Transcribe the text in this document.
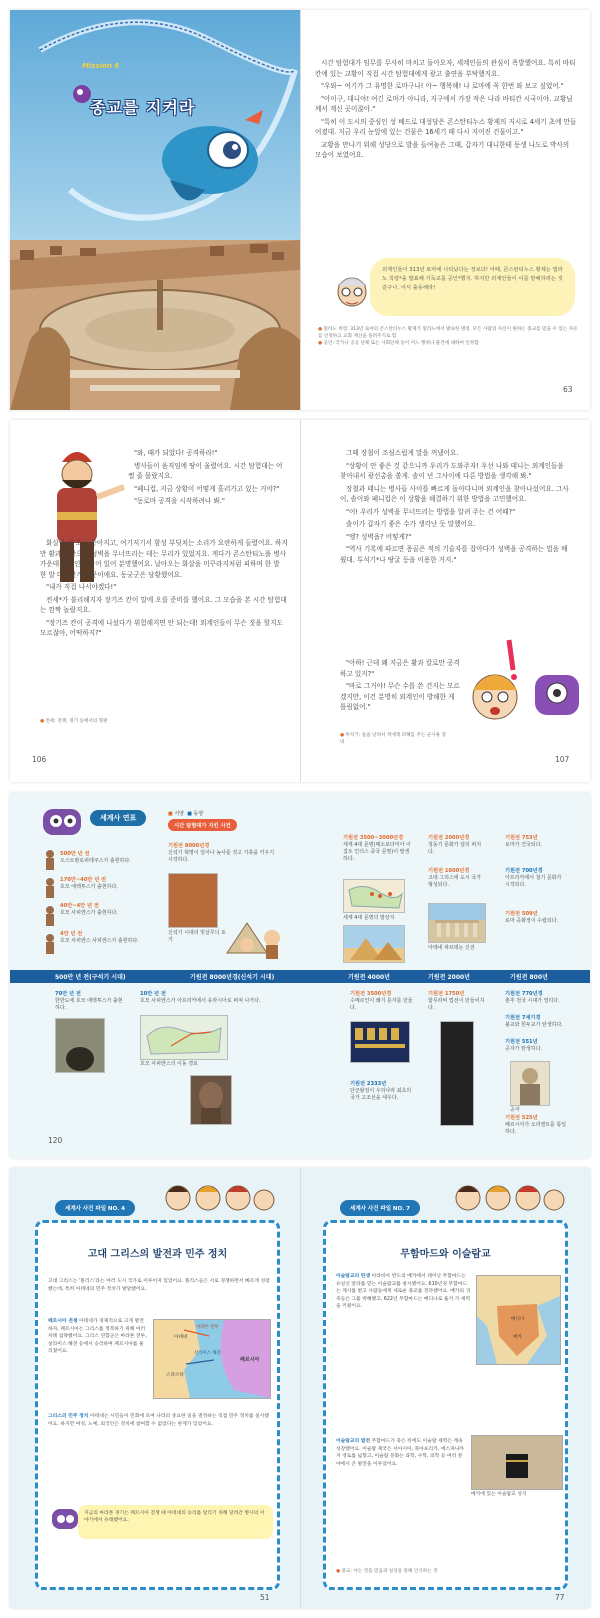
Mission 6
종교를 지켜라

시간 탐험대가 임무를 무사히 마치고 돌아오자, 세계인들의 관심이 폭발했어요. 특히 바티칸에 있는 교황이 직접 시간 탐험대에게 광고 출연을 부탁했지요.

"우와~ 여기가 그 유명한 로마구나! 아~ 행복해! 나 로마에 꼭 한번 와 보고 싶었어."

"아이구, 대니야! 여긴 로마가 아니라, 지구에서 가장 작은 나라 바티칸 시국이야. 교황님께서 계신 곳이잖아."

"특히 이 도시의 중심인 성 베드로 대성당은 콘스탄티누스 황제의 지시로 4세기 초에 만들어졌대. 지금 우리 눈앞에 있는 건물은 16세기 때 다시 지어진 건물이고."

교황을 만나기 위해 성당으로 발을 들여놓은 그때, 갑자기 대니한테 동생 나도로 박사의 모습이 보였어요.

외계인들이 313년 로마에 나타났다는 정보다! 어때, 콘스탄티누스 황제는 밀라노 칙령*을 발표해 기독교를 공인*했지. 하지만 외계인들이 이를 방해하려는 것 같구나. 어서 출동해라!
● 밀라노 칙령: 313년 로마의 콘스탄티누스 황제가 밀라노에서 발표한 명령. 모든 사람의 자신이 원하는 종교를 믿을 수 있는 자유를 인정하고 교회 재산을 돌려주기로 함
● 공인: 국가나 공공 단체 또는 사회단체 등이 어느 행위나 물건에 대하여 인정함
63

"와, 때가 되었다! 공격하라!"

병사들이 움직임에 땅이 울렸어요. 시간 탐험대는 어쩔 줄 몰랐지요.

"페니컵, 지금 상황이 어떻게 흘러가고 있는 거야?"

"동로마 공격을 시작하려나 봐."

화살이 비 오듯 쏟아지고, 여기저기서 함성 부딪치는 소리가 요란하게 들렸어요. 하지만 활과 칼만으로 성벽을 무너뜨리는 데는 무리가 있었지요. 게다가 콘스탄티노플 병사 가운데 외계인이 끼어 있어 분명했어요. 날아오는 화살을 미꾸라지처럼 피하며 한 발 한 발 다가왔기 때문이에요. 동궁군은 당황했어요.

"내가 직접 나서야겠다!"

전세*가 불리해지자 장기즈 칸이 말에 오를 준비를 했어요. 그 모습을 본 시간 탐험대는 깜짝 놀랐지요.

"장기즈 칸이 공격에 나섰다가 위험해지면 안 되는데! 외계인들이 무슨 짓을 할지도 모르잖아, 어떡하지?"

● 전세: 전쟁, 경기 등에서의 형편

그때 장철이 조심스럽게 말을 꺼냈어요.

"상황이 안 좋은 것 같으니까 우리가 도와주자! 우선 나와 태니는 외계인들을 찾아내서 광선총을 쏠게. 솔이 넌 그사이에 다른 방법을 생각해 봐."

장철과 태니는 병사들 사이를 빠르게 돌아다니며 외계인을 찾아나섰어요. 그사이, 솔이와 페니컵은 이 상황을 해결하기 위한 방법을 고민했어요.

"어! 우리가 성벽을 무너뜨리는 방법을 알려 주는 건 어때?"

솔이가 갑자기 좋은 수가 생각난 듯 말했어요.

"엥? 성벽을? 어떻게?"

"역사 기록에 따르면 몽골은 적의 기술자를 잡아다가 성벽을 공격하는 법을 배웠대. 투석기*나 땅굴 등을 이용한 거지."

"아하! 근데 왜 지금은 활과 칼로만 공격하고 있지?"

"바로 그거야! 무슨 수를 쓴 건지는 모르겠지만, 이건 분명히 외계인이 방해한 게 틀림없어."

● 투석기: 돌을 날려서 적에게 피해를 주는 군사용 장비
106	107
세계사 연표	■ 서양 ■ 동양
시간 탐험대가 지킨 사건
500만 년 전
오스트랄로피테쿠스가 출현하다.
170만~40만 년 전
호모 에렉투스가 출현하다.
40만~4만 년 전
호모 사피엔스가 출현하다.
4만 년 전
호모 사피엔스 사피엔스가 출현하다.
기원전 8000년경
신석기 혁명이 일어나 농사를 짓고 가축을 키우기 시작하다.
신석기 시대의 빗살무늬 토기
기원전 3500~3000년경
세계 4대 문명(메소포타미아 이집트 인더스 중국 문명)이 발생하다.
세계 4대 문명의 발상지
기원전 2000년경
청동기 문화가 널리 퍼지다.
기원전 1600년경
고대 그리스에 도시 국가 형성되다.
아테네 파르테논 신전
기원전 753년
로마가 건국되다.
기원전 700년경
아프리카에서 철기 문화가 시작되다.
기원전 509년
로마 공화정이 수립되다.
500만 년 전(구석기 시대)	기원전 8000년경(신석기 시대)	기원전 4000년	기원전 2000년	기원전 800년
70만 년 전
한반도에 호모 에렉투스가 출현하다.
10만 년 전
호모 사피엔스가 아프리카에서 유라시아로 퍼져 나가다.
호모 사피엔스의 이동 경로
기원전 3500년경
수메르인이 쐐기 문자를 만들다.
기원전 2333년
단군왕검이 우리나라 최초의 국가 고조선을 세우다.
기원전 1750년
함무라비 법전이 만들어지다.
기원전 770년경
춘추 전국 시대가 열리다.
기원전 7세기경
불교와 힌두교가 탄생하다.
기원전 551년
공자가 탄생하다.
공자
기원전 525년
페르시아가 오리엔트를 통일하다.
120
세계사 사건 파일 NO. 4
고대 그리스의 발전과 민주 정치
고대 그리스는 '폴리스'라는 여러 도시 국가로 이루어져 있었어요. 폴리스들은 서로 경쟁하면서 빠르게 성장했는데, 특히 아테네의 민주 정치가 발달했어요.
페르시아 전쟁 아테네가 경제적으로 크게 발전하자, 페르시아는 그리스를 정복하기 위해 여러 차례 침략했어요. 그리스 연합군은 마라톤 전투, 살라미스 해전 등에서 승리하며 페르시아를 물리쳤어요.
아테네
스파르타
페르시아
살라미스 해전
마라톤 전투
그리스의 민주 정치 아테네는 시민들이 민회에 모여 나라의 중요한 일을 결정하는 직접 민주 정치를 실시했어요. 하지만 여성, 노예, 외국인은 정치에 참여할 수 없었다는 한계가 있었어요.
지금의 마라톤 경기는 페르시아 전쟁 때 아테네의 승리를 알리기 위해 달려간 병사의 이야기에서 유래했어요.
51
세계사 사건 파일 NO. 7
무함마드와 이슬람교
이슬람교의 탄생 아라비아 반도의 메카에서 태어난 무함마드는 유일신 알라를 믿는 이슬람교를 창시했어요. 610년경 무함마드는 계시를 받고 사람들에게 새로운 종교를 전파했어요. 메카의 귀족들은 그를 박해했고, 622년 무함마드는 메디나로 옮겨 가 세력을 키웠어요.
메디나
메카
이슬람교의 발전 무함마드가 죽은 뒤에도 이슬람 세력은 계속 성장했어요. 이슬람 제국은 서아시아, 북아프리카, 에스파냐까지 영토를 넓혔고, 이슬람 문화는 과학, 수학, 의학 등 여러 분야에서 큰 발전을 이루었어요.
메카에 있는 이슬람교 성지
● 종교: 아는 것을 믿음과 일상을 통해 인식하는 것
77
